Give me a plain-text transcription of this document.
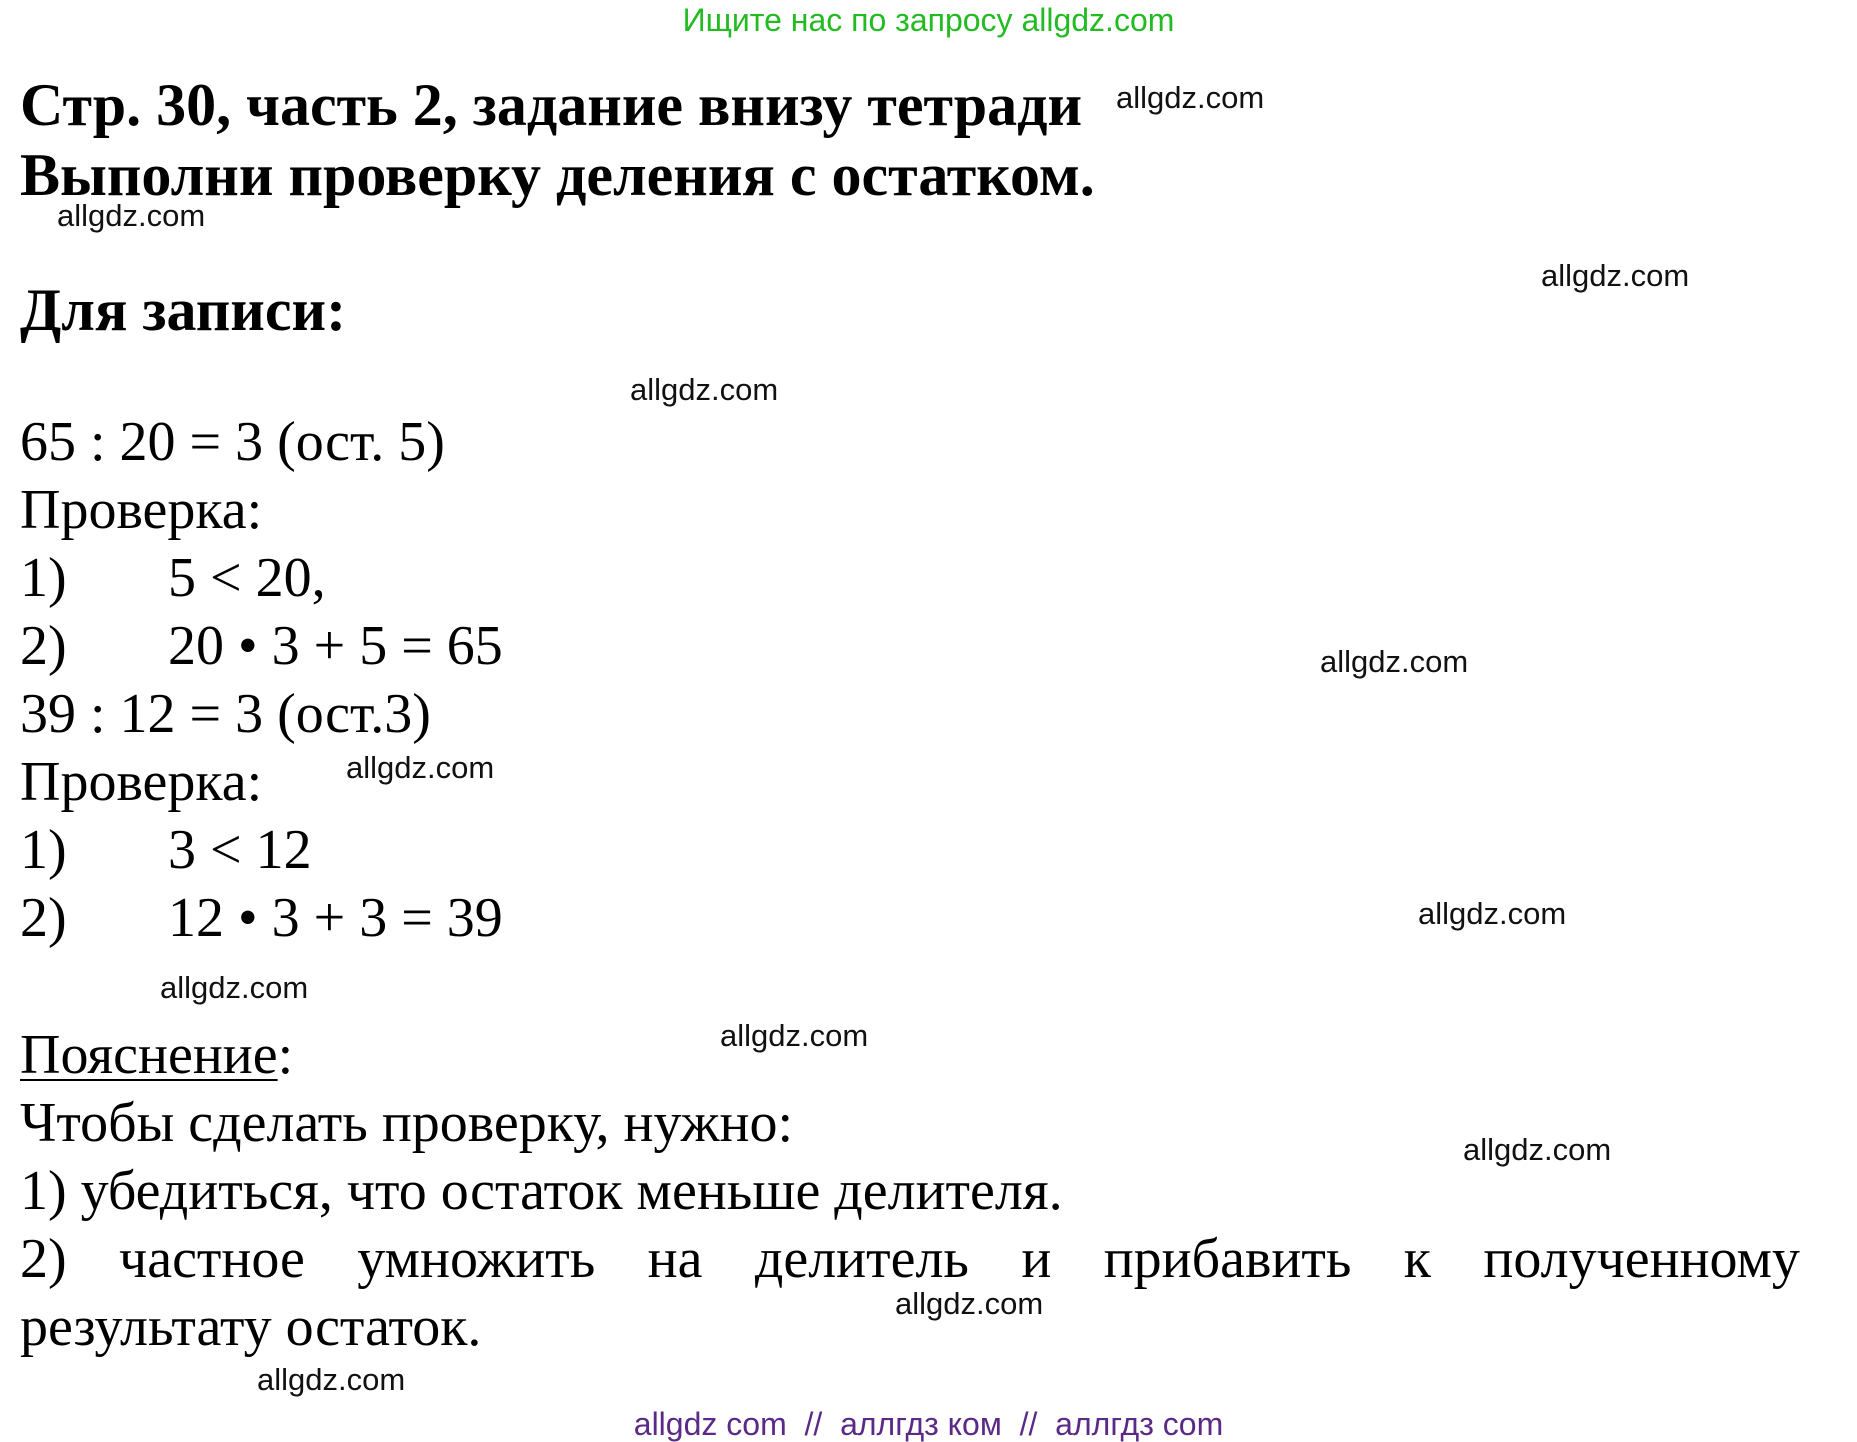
Ищите нас по запросу allgdz.com
Стр. 30, часть 2, задание внизу тетради
Выполни проверку деления с остатком.
Для записи:
65 : 20 = 3 (ост. 5)
Проверка:
1) 5 < 20,
2) 20 • 3 + 5 = 65
39 : 12 = 3 (ост.3)
Проверка:
1) 3 < 12
2) 12 • 3 + 3 = 39
Пояснение:
Чтобы сделать проверку, нужно:
1) убедиться, что остаток меньше делителя.
2) частное умножить на делитель и прибавить к полученному
результату остаток.
allgdz.com
allgdz.com
allgdz.com
allgdz.com
allgdz.com
allgdz.com
allgdz.com
allgdz.com
allgdz.com
allgdz.com
allgdz.com
allgdz.com
allgdz com  //  аллгдз ком  //  аллгдз com
